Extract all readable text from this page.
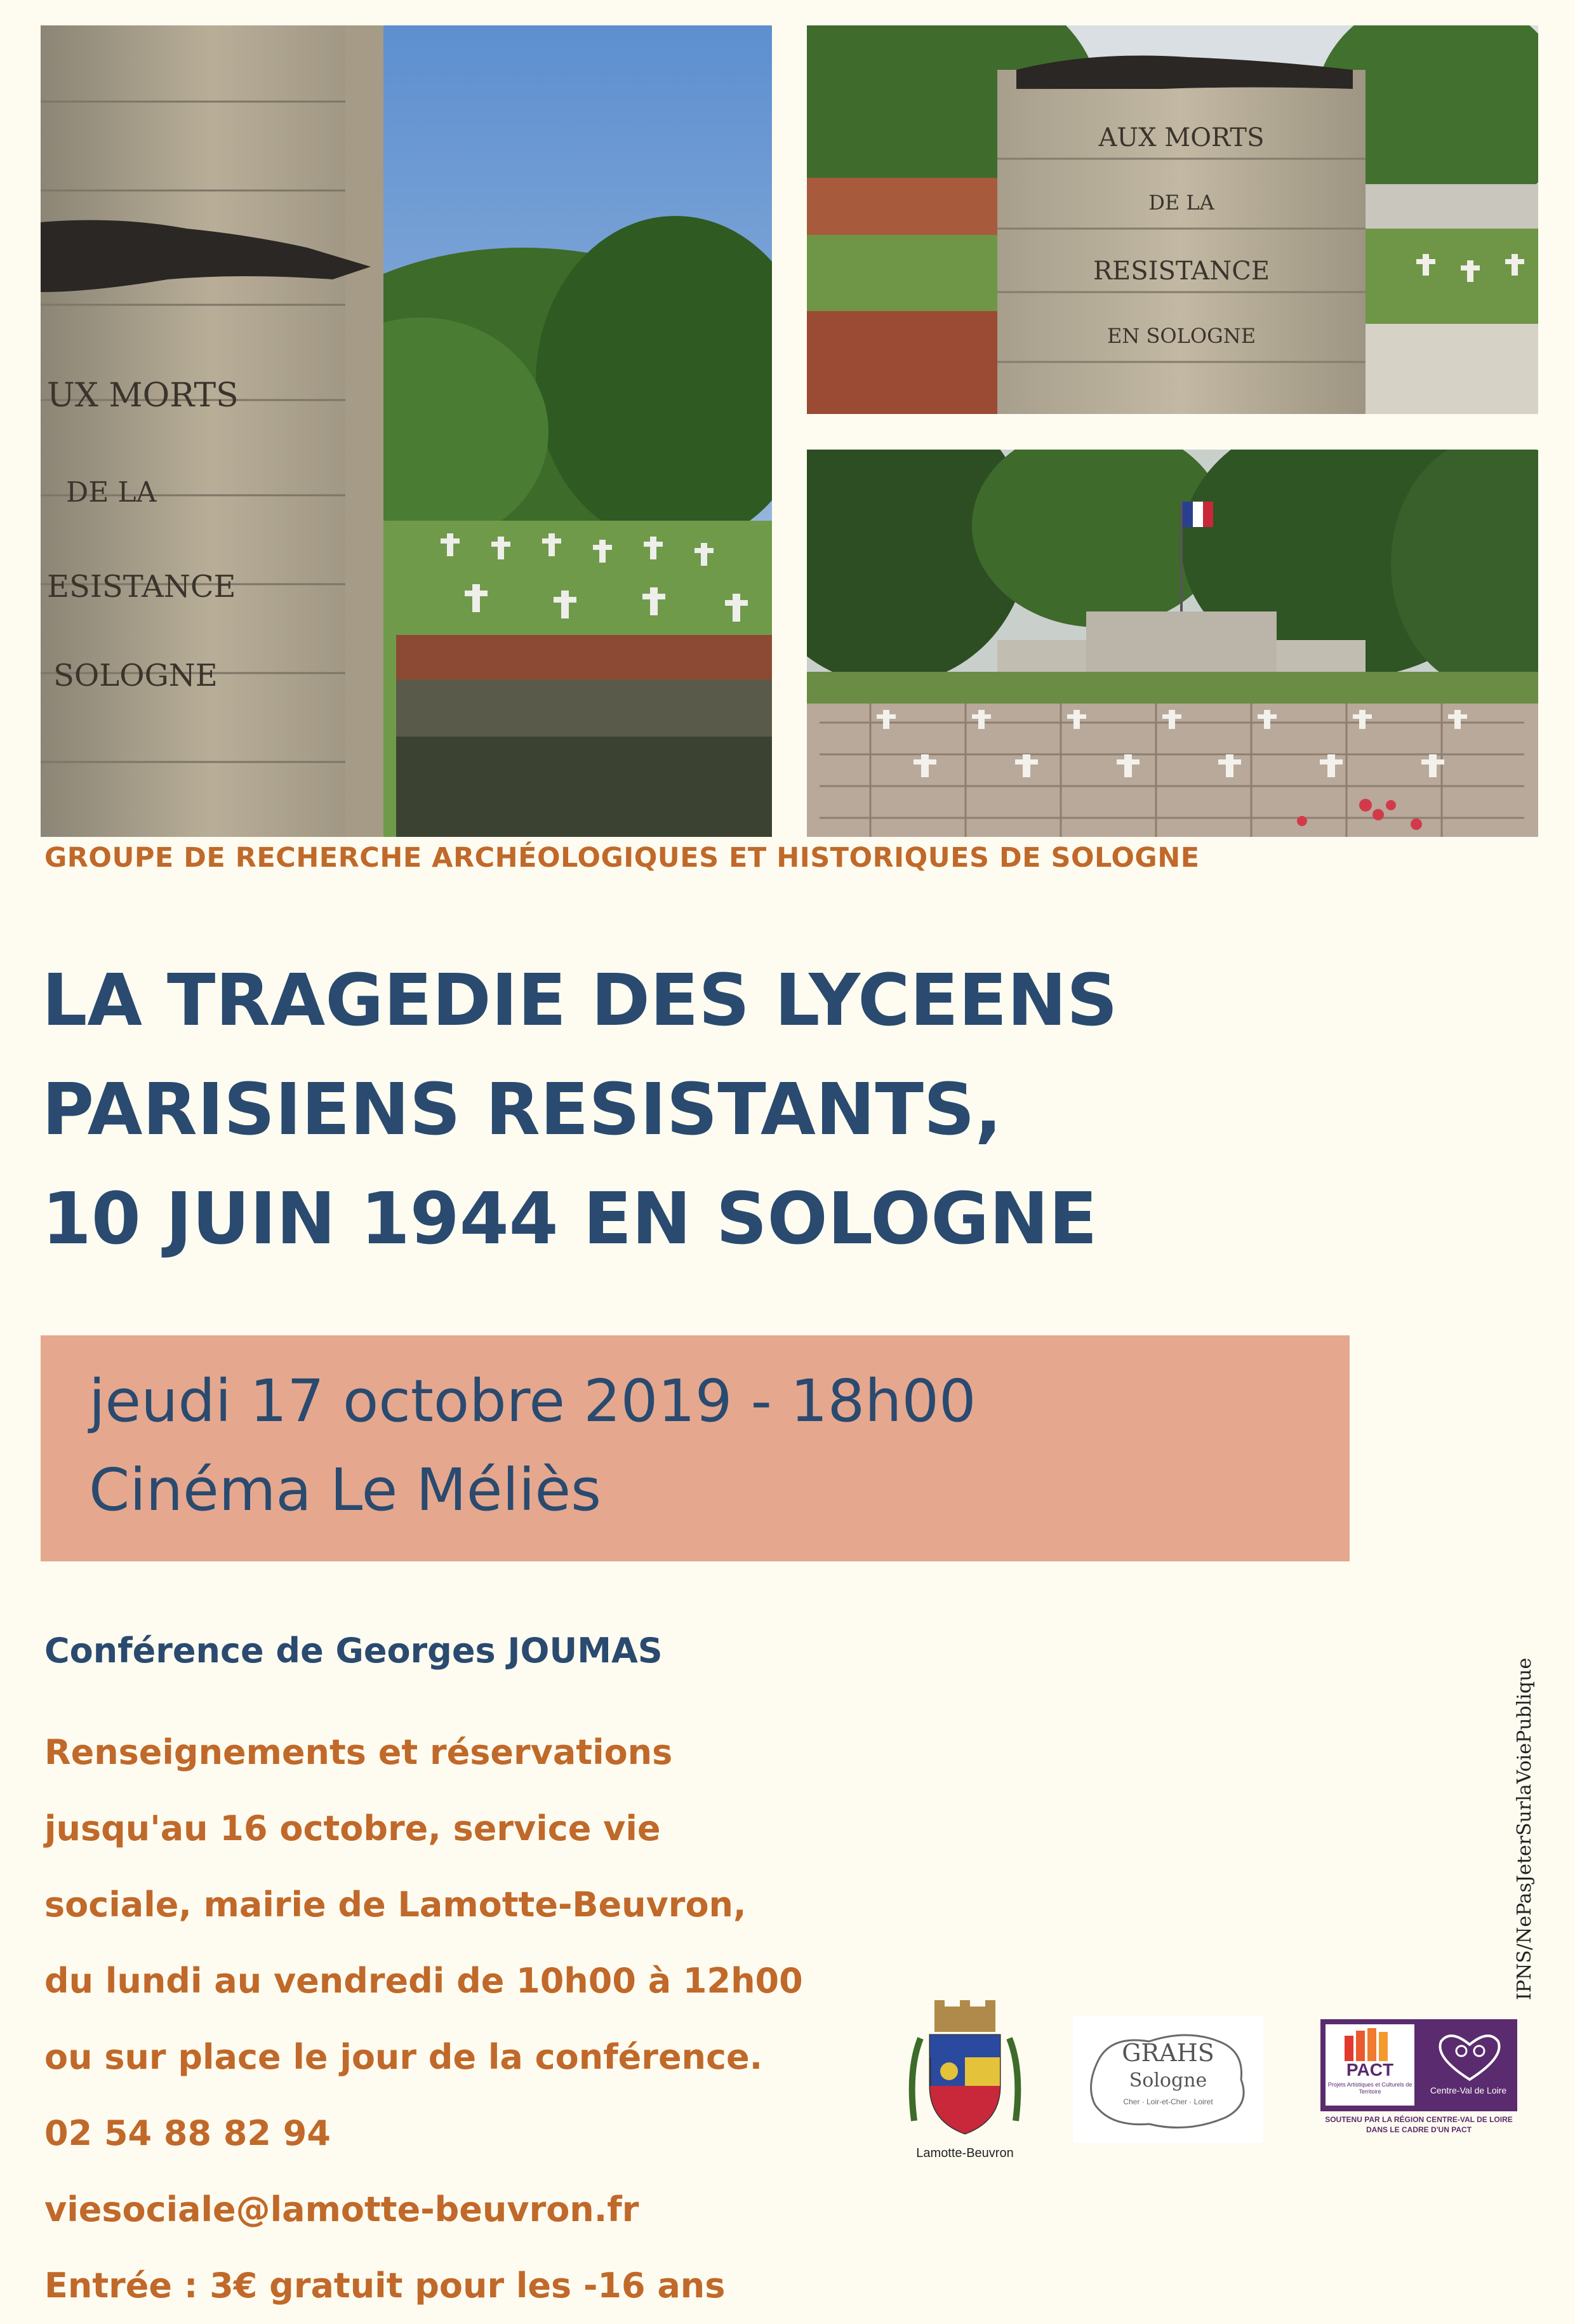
UX MORTS
DE LA
ESISTANCE
SOLOGNE
AUX MORTS
DE LA
RESISTANCE
EN SOLOGNE
GROUPE DE RECHERCHE ARCHÉOLOGIQUES ET HISTORIQUES DE SOLOGNE
LA TRAGEDIE DES LYCEENS
PARISIENS RESISTANTS,
10 JUIN 1944 EN SOLOGNE
jeudi 17 octobre 2019 - 18h00
Cinéma Le Méliès
Conférence de Georges JOUMAS
Renseignements et réservations
jusqu'au 16 octobre, service vie
sociale, mairie de Lamotte-Beuvron,
du lundi au vendredi de 10h00 à 12h00
ou sur place le jour de la conférence.
02 54 88 82 94
viesociale@lamotte-beuvron.fr
Entrée : 3€ gratuit pour les -16 ans
IPNS/NePasJeterSurlaVoiePublique
Lamotte-Beuvron
GRAHS
Sologne
Cher · Loir-et-Cher · Loiret
PACT
Projets Artistiques et Culturels de Territoire	Centre-Val de Loire
SOUTENU PAR LA RÉGION CENTRE-VAL DE LOIRE
DANS LE CADRE D'UN PACT
